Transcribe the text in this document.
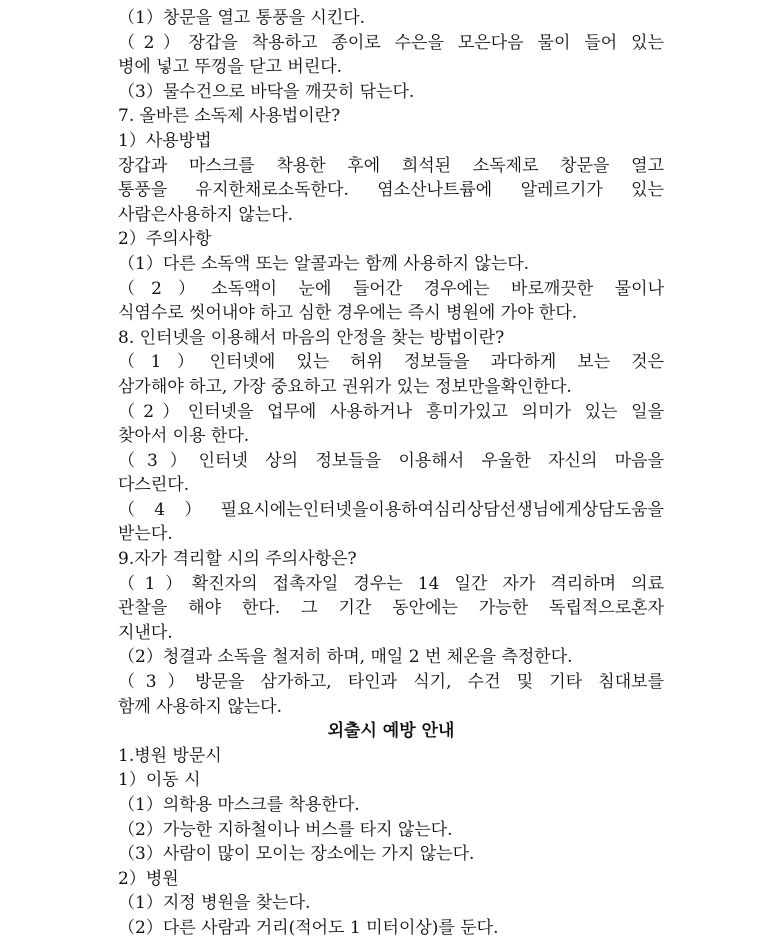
（1）창문을 열고 통풍을 시킨다.

（2）장갑을 착용하고 종이로 수은을 모은다음 물이 들어 있는

병에 넣고 뚜껑을 닫고 버린다.

（3）물수건으로 바닥을 깨끗히 닦는다.

7. 올바른 소독제 사용법이란?

1）사용방법

장갑과 마스크를 착용한 후에 희석된 소독제로 창문을 열고

통풍을 유지한채로소독한다. 염소산나트륨에 알레르기가 있는

사람은사용하지 않는다.

2）주의사항

（1）다른 소독액 또는 알콜과는 함께 사용하지 않는다.

（2）소독액이 눈에 들어간 경우에는 바로깨끗한 물이나

식염수로 씻어내야 하고 심한 경우에는 즉시 병원에 가야 한다.

8. 인터넷을 이용해서 마음의 안정을 찾는 방법이란?

（1）인터넷에 있는 허위 정보들을 과다하게 보는 것은

삼가해야 하고, 가장 중요하고 권위가 있는 정보만을확인한다.

（2）인터넷을 업무에 사용하거나 흥미가있고 의미가 있는 일을

찾아서 이용 한다.

（3）인터넷 상의 정보들을 이용해서 우울한 자신의 마음을

다스린다.

（4）필요시에는인터넷을이용하여심리상담선생님에게상담도움을

받는다.

9.자가 격리할 시의 주의사항은?

（1）확진자의 접촉자일 경우는 14 일간 자가 격리하며 의료

관찰을 해야 한다. 그 기간 동안에는 가능한 독립적으로혼자

지낸다.

（2）청결과 소독을 철저히 하며, 매일 2 번 체온을 측정한다.

（3）방문을 삼가하고, 타인과 식기, 수건 및 기타 침대보를

함께 사용하지 않는다.

외출시 예방 안내

1.병원 방문시

1）이동 시

（1）의학용 마스크를 착용한다.

（2）가능한 지하철이나 버스를 타지 않는다.

（3）사람이 많이 모이는 장소에는 가지 않는다.

2）병원

（1）지정 병원을 찾는다.

（2）다른 사람과 거리(적어도 1 미터이상)를 둔다.
